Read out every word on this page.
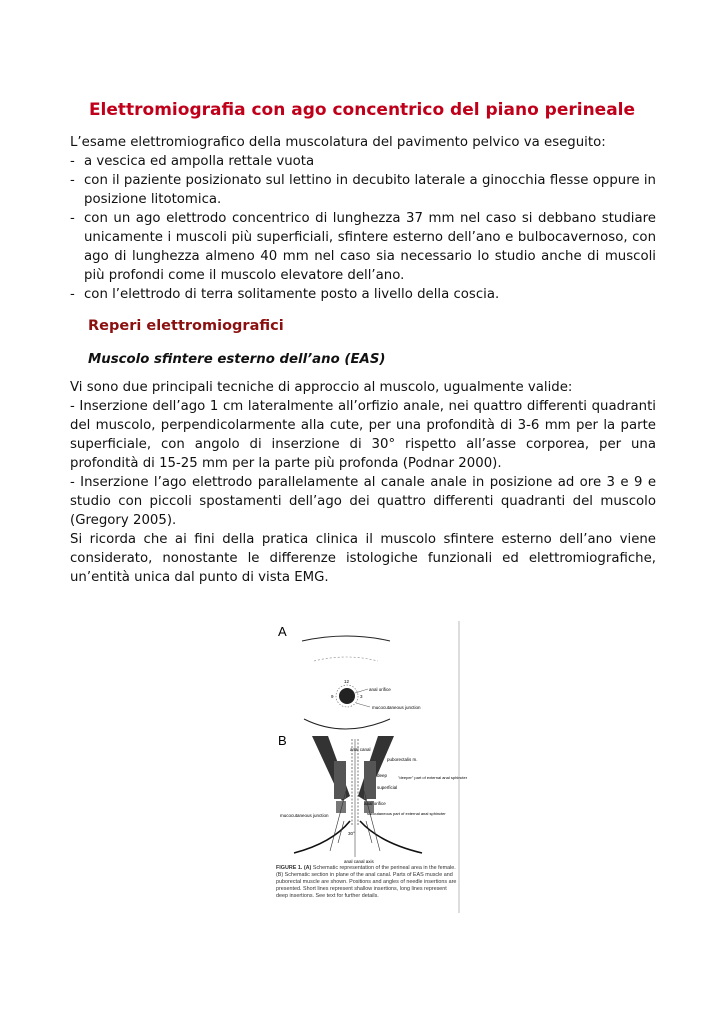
Elettromiografia con ago concentrico del piano perineale

L’esame elettromiografico della muscolatura del pavimento pelvico va eseguito:

- a vescica ed ampolla rettale vuota
- con il paziente posizionato sul lettino in decubito laterale a ginocchia flesse oppure in posizione litotomica.
- con un ago elettrodo concentrico di lunghezza 37 mm nel caso si debbano studiare unicamente i muscoli più superficiali, sfintere esterno dell’ano e bulbocavernoso, con ago di lunghezza almeno 40 mm nel caso sia necessario lo studio anche di muscoli più profondi come il muscolo elevatore dell’ano.
- con l’elettrodo di terra solitamente posto a livello della coscia.
Reperi elettromiografici
Muscolo sfintere esterno dell’ano (EAS)

Vi sono due principali tecniche di approccio al muscolo, ugualmente valide:

- Inserzione dell’ago 1 cm lateralmente all’orfizio anale, nei quattro differenti quadranti del muscolo, perpendicolarmente alla cute, per una profondità di 3-6 mm per la parte superficiale, con angolo di inserzione di 30° rispetto all’asse corporea, per una profondità di 15-25 mm per la parte più profonda (Podnar 2000).

- Inserzione l’ago elettrodo parallelamente al canale anale in posizione ad ore 3 e 9 e studio con piccoli spostamenti dell’ago dei quattro differenti quadranti del muscolo (Gregory 2005).

Si ricorda che ai fini della pratica clinica il muscolo sfintere esterno dell’ano viene considerato, nonostante le differenze istologiche funzionali ed elettromiografiche, un’entità unica dal punto di vista EMG.

A
12
9	3
anal orifice
mucocutaneous junction
B
anal canal
puborectalis m.
"deeper" part of external anal sphincter
deep
superficial
anal orifice
mucocutaneous junction	subcutaneous part of external anal sphincter
30°
anal canal axis
FIGURE 1. (A) Schematic representation of the perineal area in the female. (B) Schematic section in plane of the anal canal. Parts of EAS muscle and puborectal muscle are shown. Positions and angles of needle insertions are presented. Short lines represent shallow insertions, long lines represent deep insertions. See text for further details.
